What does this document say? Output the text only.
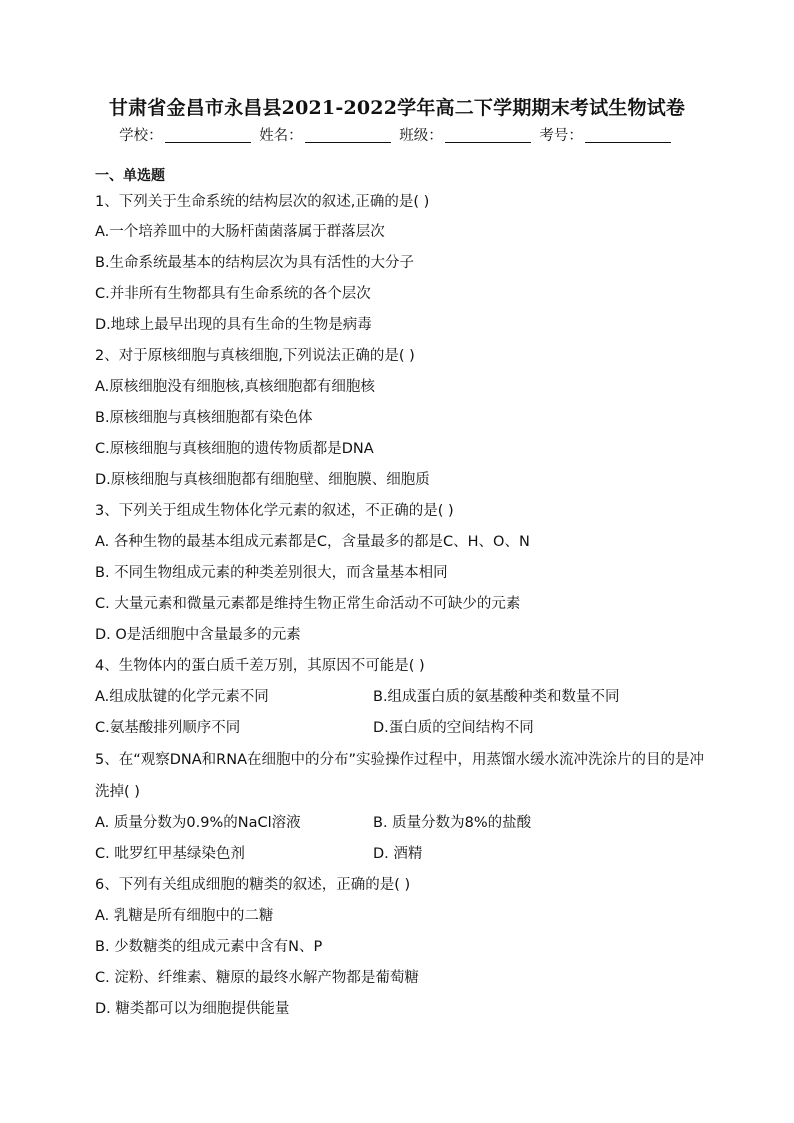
甘肃省金昌市永昌县2021-2022学年高二下学期期末考试生物试卷
学校：	姓名：	班级：	考号：
一、单选题
1、下列关于生命系统的结构层次的叙述,正确的是( )
A.一个培养皿中的大肠杆菌菌落属于群落层次
B.生命系统最基本的结构层次为具有活性的大分子
C.并非所有生物都具有生命系统的各个层次
D.地球上最早出现的具有生命的生物是病毒
2、对于原核细胞与真核细胞,下列说法正确的是( )
A.原核细胞没有细胞核,真核细胞都有细胞核
B.原核细胞与真核细胞都有染色体
C.原核细胞与真核细胞的遗传物质都是DNA
D.原核细胞与真核细胞都有细胞壁、细胞膜、细胞质
3、下列关于组成生物体化学元素的叙述，不正确的是( )
A. 各种生物的最基本组成元素都是C，含量最多的都是C、H、O、N
B. 不同生物组成元素的种类差别很大，而含量基本相同
C. 大量元素和微量元素都是维持生物正常生命活动不可缺少的元素
D. O是活细胞中含量最多的元素
4、生物体内的蛋白质千差万别，其原因不可能是( )
A.组成肽键的化学元素不同	B.组成蛋白质的氨基酸种类和数量不同
C.氨基酸排列顺序不同	D.蛋白质的空间结构不同
5、在“观察DNA和RNA在细胞中的分布”实验操作过程中，用蒸馏水缓水流冲洗涂片的目的是冲洗掉( )
A. 质量分数为0.9%的NaCl溶液	B. 质量分数为8%的盐酸
C. 吡罗红甲基绿染色剂	D. 酒精
6、下列有关组成细胞的糖类的叙述，正确的是( )
A. 乳糖是所有细胞中的二糖
B. 少数糖类的组成元素中含有N、P
C. 淀粉、纤维素、糖原的最终水解产物都是葡萄糖
D. 糖类都可以为细胞提供能量
